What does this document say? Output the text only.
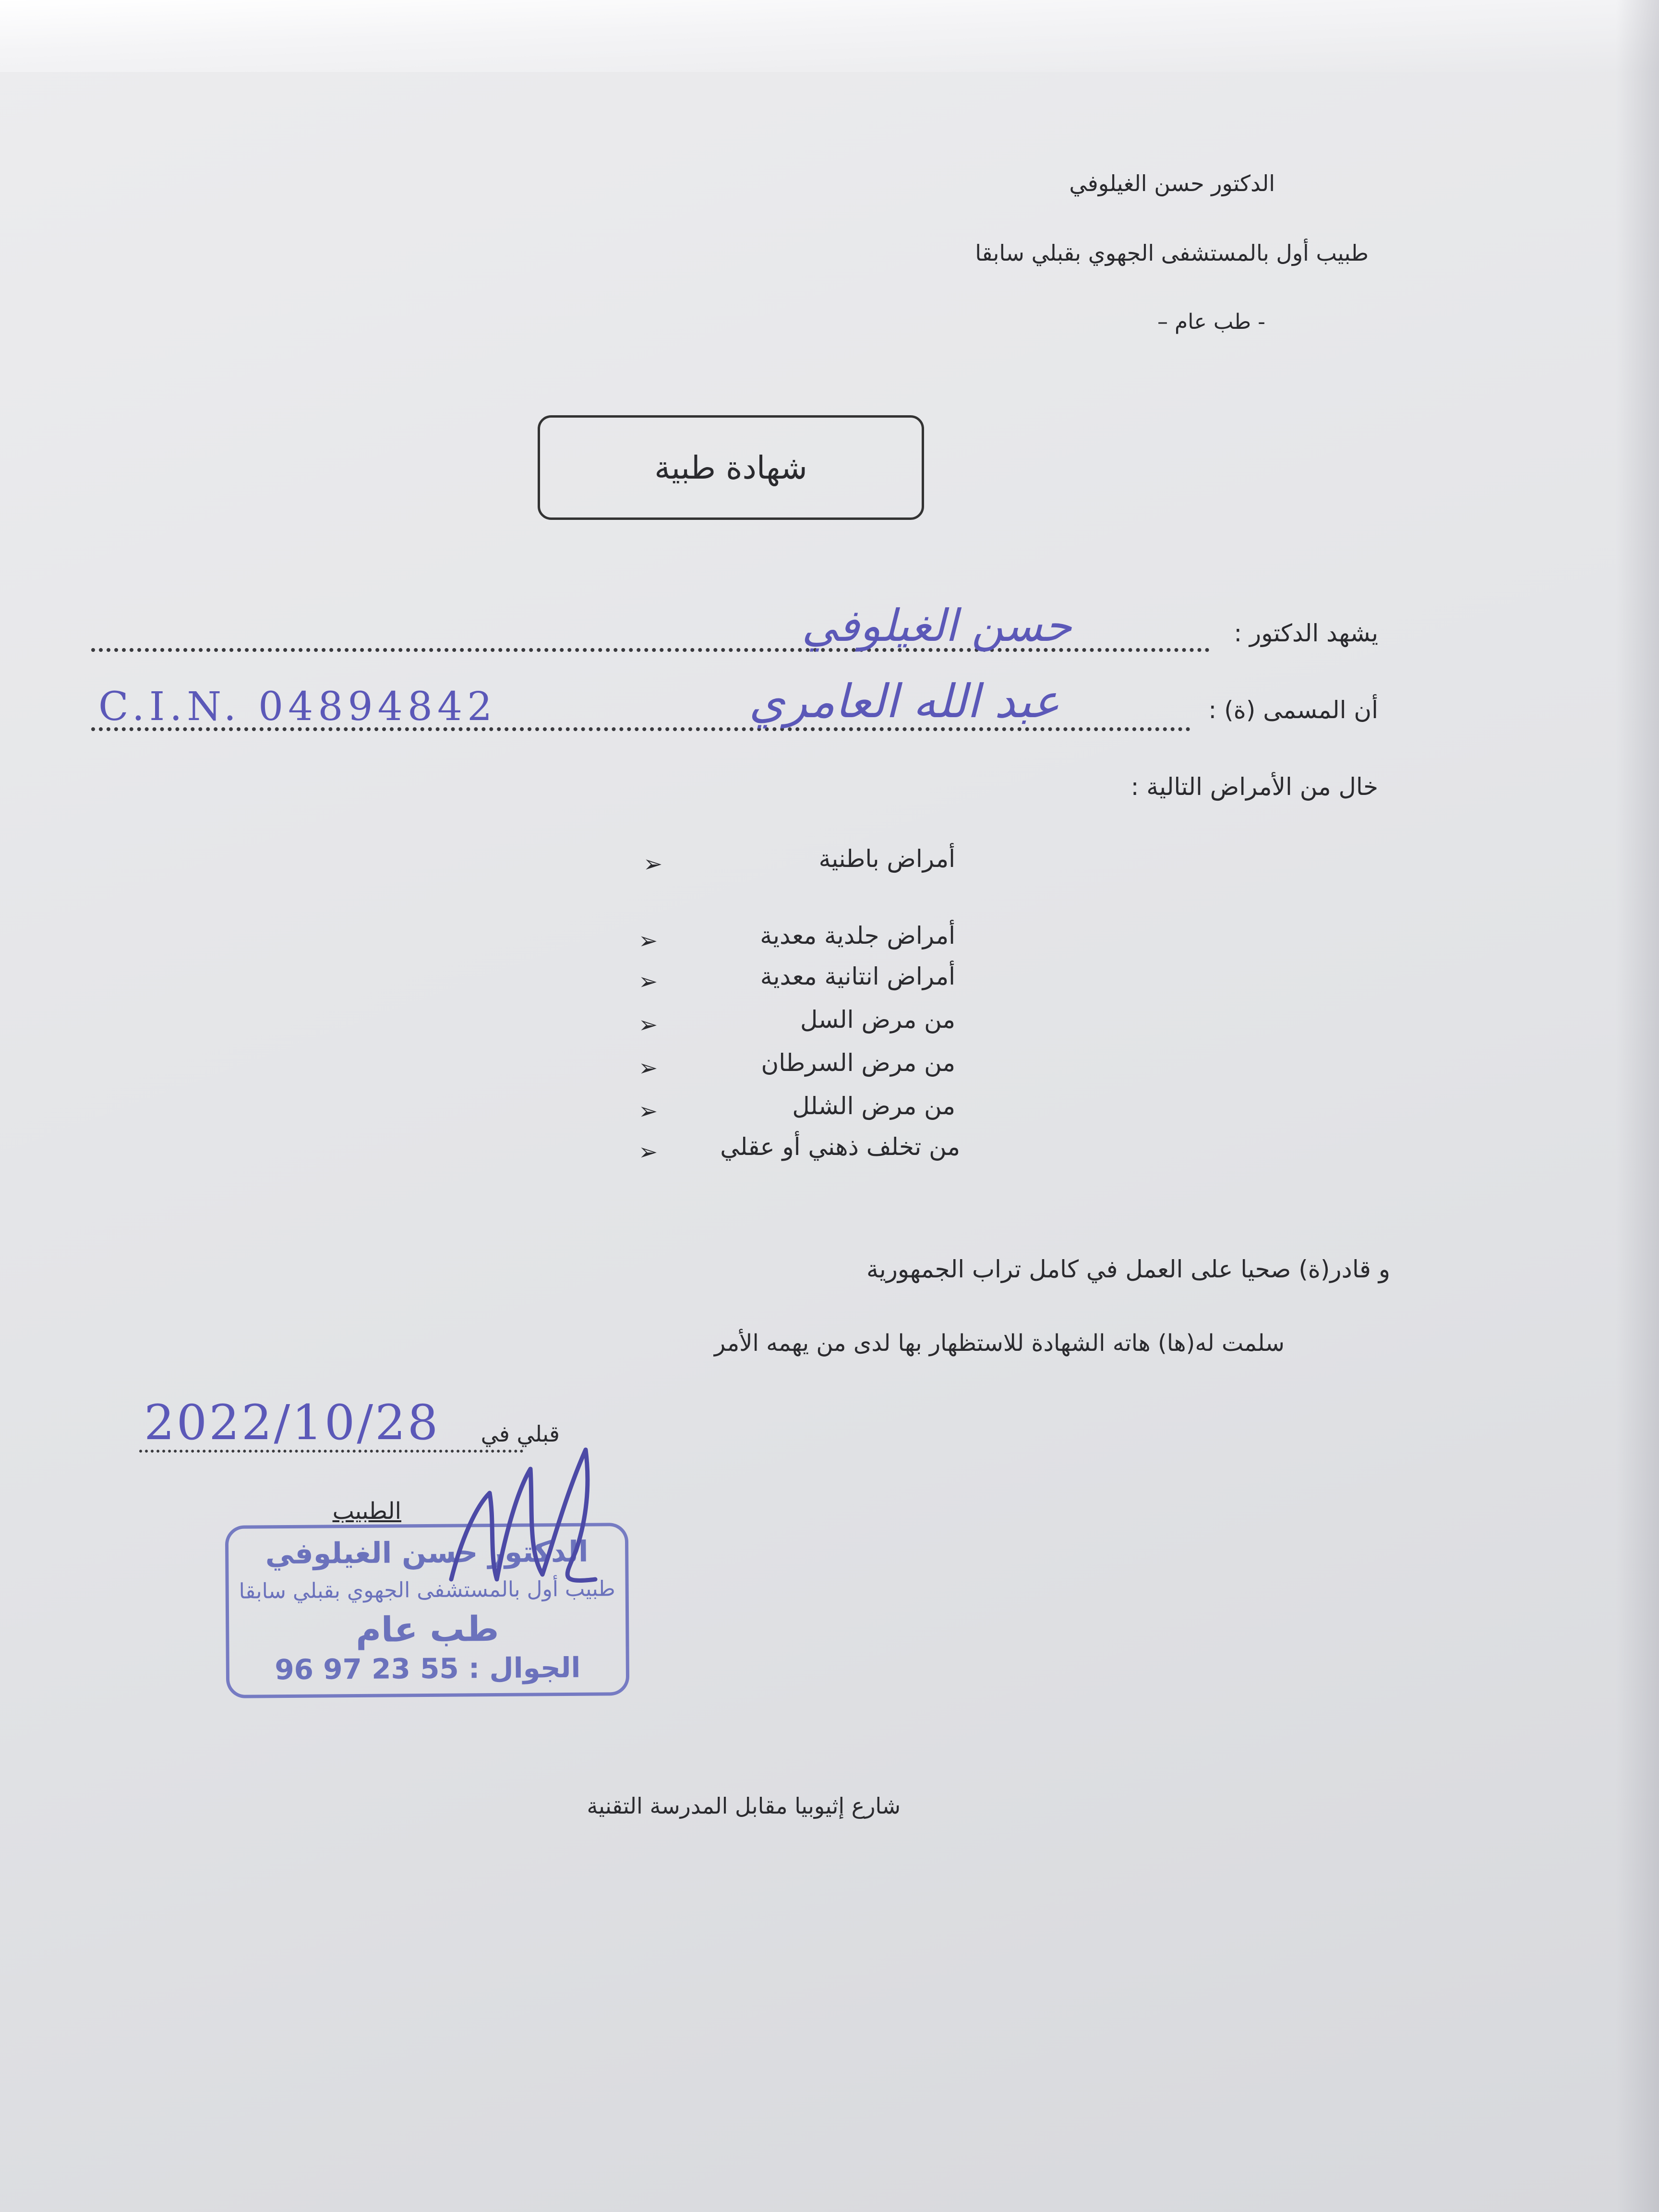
الدكتور حسن الغيلوفي
طبيب أول بالمستشفى الجهوي بقبلي سابقا
- طب عام –
شهادة طبية
يشهد الدكتور :
حسن الغيلوفي
أن المسمى (ة) :
عبد الله العامري
C.I.N. 04894842
خال من الأمراض التالية :
أمراض باطنية
➢
أمراض جلدية معدية
➢
أمراض انتانية معدية
➢
من مرض السل
➢
من مرض السرطان
➢
من مرض الشلل
➢
من تخلف ذهني أو عقلي
➢
و قادر(ة) صحيا على العمل في كامل تراب الجمهورية
سلمت له(ها) هاته الشهادة للاستظهار بها لدى من يهمه الأمر
قبلي في
2022/10/28
الطبيب
الدكتور حسن الغيلوفي
طبيب أول بالمستشفى الجهوي بقبلي سابقا
طب عام
الجوال : 55 23 97 96
شارع إثيوبيا مقابل المدرسة التقنية
